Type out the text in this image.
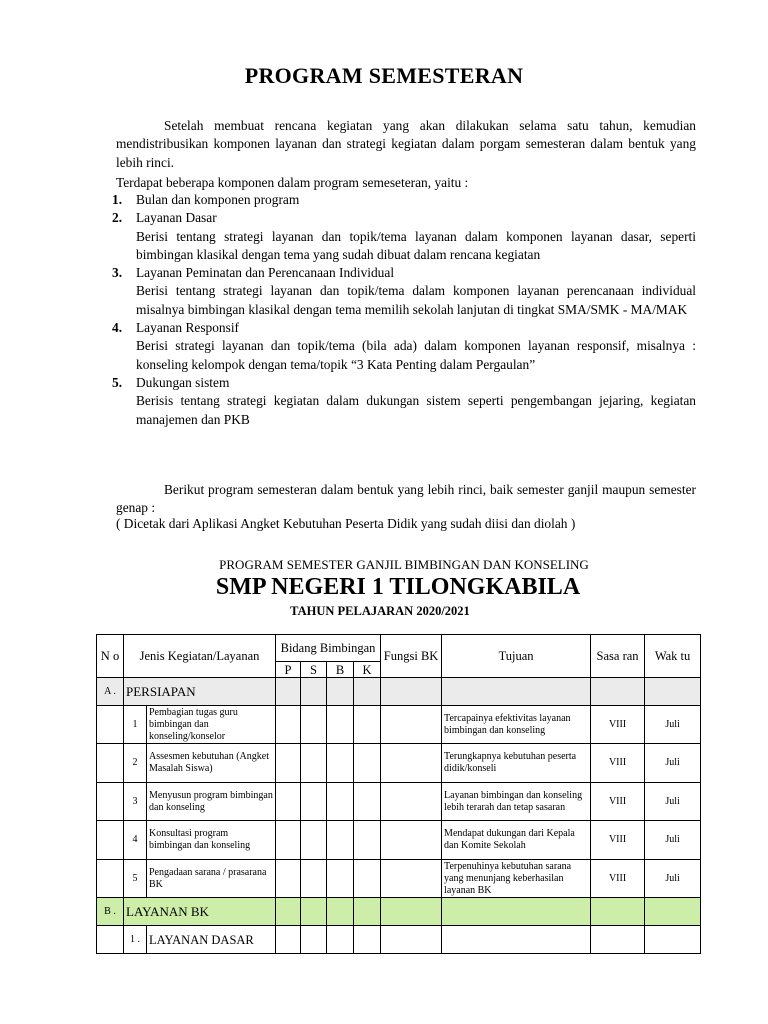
PROGRAM SEMESTERAN
Setelah membuat rencana kegiatan yang akan dilakukan selama satu tahun, kemudian mendistribusikan komponen layanan dan strategi kegiatan dalam porgam semesteran dalam bentuk yang lebih rinci.
Terdapat beberapa komponen dalam program semeseteran, yaitu :
1.	Bulan dan komponen program
2.	Layanan Dasar
Berisi tentang strategi layanan dan topik/tema layanan dalam komponen layanan dasar, seperti bimbingan klasikal dengan tema yang sudah dibuat dalam rencana kegiatan
3.	Layanan Peminatan dan Perencanaan Individual
Berisi tentang strategi layanan dan topik/tema dalam komponen layanan perencanaan individual misalnya bimbingan klasikal dengan tema memilih sekolah lanjutan di tingkat SMA/SMK - MA/MAK
4.	Layanan Responsif
Berisi strategi layanan dan topik/tema (bila ada) dalam komponen layanan responsif, misalnya : konseling kelompok dengan tema/topik “3 Kata Penting dalam Pergaulan”
5.	Dukungan sistem
Berisis tentang strategi kegiatan dalam dukungan sistem seperti pengembangan jejaring, kegiatan manajemen dan PKB
Berikut program semesteran dalam bentuk yang lebih rinci, baik semester ganjil maupun semester genap :
( Dicetak dari Aplikasi Angket Kebutuhan Peserta Didik yang sudah diisi dan diolah )
PROGRAM SEMESTER GANJIL BIMBINGAN DAN KONSELING
SMP NEGERI 1 TILONGKABILA
TAHUN PELAJARAN 2020/2021
N o	Jenis Kegiatan/Layanan		Bidang Bimbingan				Fungsi BK	Tujuan	Sasa ran	Wak tu
			P	S	B	K				
A .	PERSIAPAN									
	1	Pembagian tugas guru bimbingan dan konseling/konselor						Tercapainya efektivitas layanan bimbingan dan konseling	VIII	Juli
	2	Assesmen kebutuhan (Angket Masalah Siswa)						Terungkapnya kebutuhan peserta didik/konseli	VIII	Juli
	3	Menyusun program bimbingan dan konseling						Layanan bimbingan dan konseling lebih terarah dan tetap sasaran	VIII	Juli
	4	Konsultasi program bimbingan dan konseling						Mendapat dukungan dari Kepala dan Komite Sekolah	VIII	Juli
	5	Pengadaan sarana / prasarana BK						Terpenuhinya kebutuhan sarana yang menunjang keberhasilan layanan BK	VIII	Juli
B .	LAYANAN BK									
	1 .	LAYANAN DASAR								
